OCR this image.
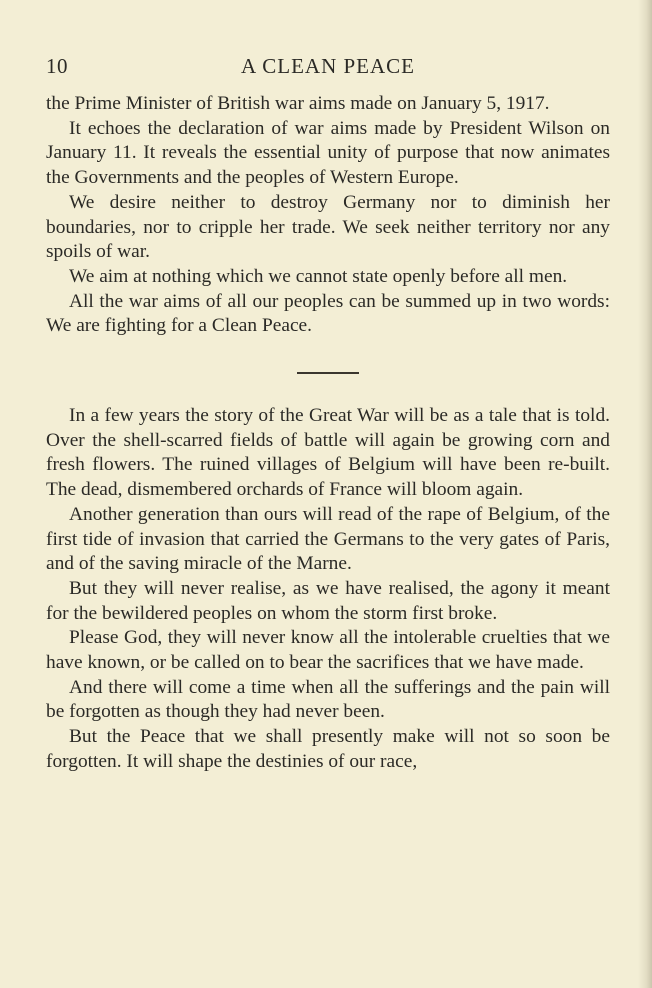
10	A CLEAN PEACE

the Prime Minister of British war aims made on January 5, 1917.

It echoes the declaration of war aims made by President Wilson on January 11. It reveals the essential unity of purpose that now animates the Governments and the peoples of Western Europe.

We desire neither to destroy Germany nor to diminish her boundaries, nor to cripple her trade. We seek neither territory nor any spoils of war.

We aim at nothing which we cannot state openly before all men.

All the war aims of all our peoples can be summed up in two words: We are fighting for a Clean Peace.

In a few years the story of the Great War will be as a tale that is told. Over the shell-scarred fields of battle will again be growing corn and fresh flowers. The ruined villages of Belgium will have been re-built. The dead, dismembered orchards of France will bloom again.

Another generation than ours will read of the rape of Belgium, of the first tide of invasion that carried the Germans to the very gates of Paris, and of the saving miracle of the Marne.

But they will never realise, as we have realised, the agony it meant for the bewildered peoples on whom the storm first broke.

Please God, they will never know all the intolerable cruelties that we have known, or be called on to bear the sacrifices that we have made.

And there will come a time when all the sufferings and the pain will be forgotten as though they had never been.

But the Peace that we shall presently make will not so soon be forgotten. It will shape the destinies of our race,
